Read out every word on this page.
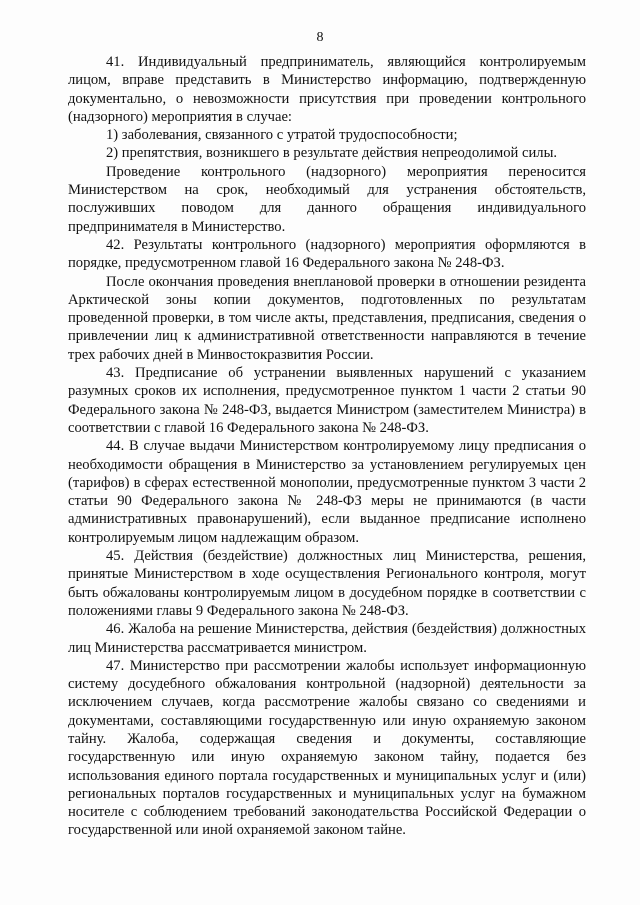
8

41. Индивидуальный предприниматель, являющийся контролируемым лицом, вправе представить в Министерство информацию, подтвержденную документально, о невозможности присутствия при проведении контрольного (надзорного) мероприятия в случае:

1) заболевания, связанного с утратой трудоспособности;

2) препятствия, возникшего в результате действия непреодолимой силы.

Проведение контрольного (надзорного) мероприятия переносится Министерством на срок, необходимый для устранения обстоятельств, послуживших поводом для данного обращения индивидуального предпринимателя в Министерство.

42. Результаты контрольного (надзорного) мероприятия оформляются в порядке, предусмотренном главой 16 Федерального закона № 248-ФЗ.

После окончания проведения внеплановой проверки в отношении резидента Арктической зоны копии документов, подготовленных по результатам проведенной проверки, в том числе акты, представления, предписания, сведения о привлечении лиц к административной ответственности направляются в течение трех рабочих дней в Минвостокразвития России.

43. Предписание об устранении выявленных нарушений с указанием разумных сроков их исполнения, предусмотренное пунктом 1 части 2 статьи 90 Федерального закона № 248-ФЗ, выдается Министром (заместителем Министра) в соответствии с главой 16 Федерального закона № 248-ФЗ.

44. В случае выдачи Министерством контролируемому лицу предписания о необходимости обращения в Министерство за установлением регулируемых цен (тарифов) в сферах естественной монополии, предусмотренные пунктом 3 части 2 статьи 90 Федерального закона № 248-ФЗ меры не принимаются (в части административных правонарушений), если выданное предписание исполнено контролируемым лицом надлежащим образом.

45. Действия (бездействие) должностных лиц Министерства, решения, принятые Министерством в ходе осуществления Регионального контроля, могут быть обжалованы контролируемым лицом в досудебном порядке в соответствии с положениями главы 9 Федерального закона № 248-ФЗ.

46. Жалоба на решение Министерства, действия (бездействия) должностных лиц Министерства рассматривается министром.

47. Министерство при рассмотрении жалобы использует информационную систему досудебного обжалования контрольной (надзорной) деятельности за исключением случаев, когда рассмотрение жалобы связано со сведениями и документами, составляющими государственную или иную охраняемую законом тайну. Жалоба, содержащая сведения и документы, составляющие государственную или иную охраняемую законом тайну, подается без использования единого портала государственных и муниципальных услуг и (или) региональных порталов государственных и муниципальных услуг на бумажном носителе с соблюдением требований законодательства Российской Федерации о государственной или иной охраняемой законом тайне.
